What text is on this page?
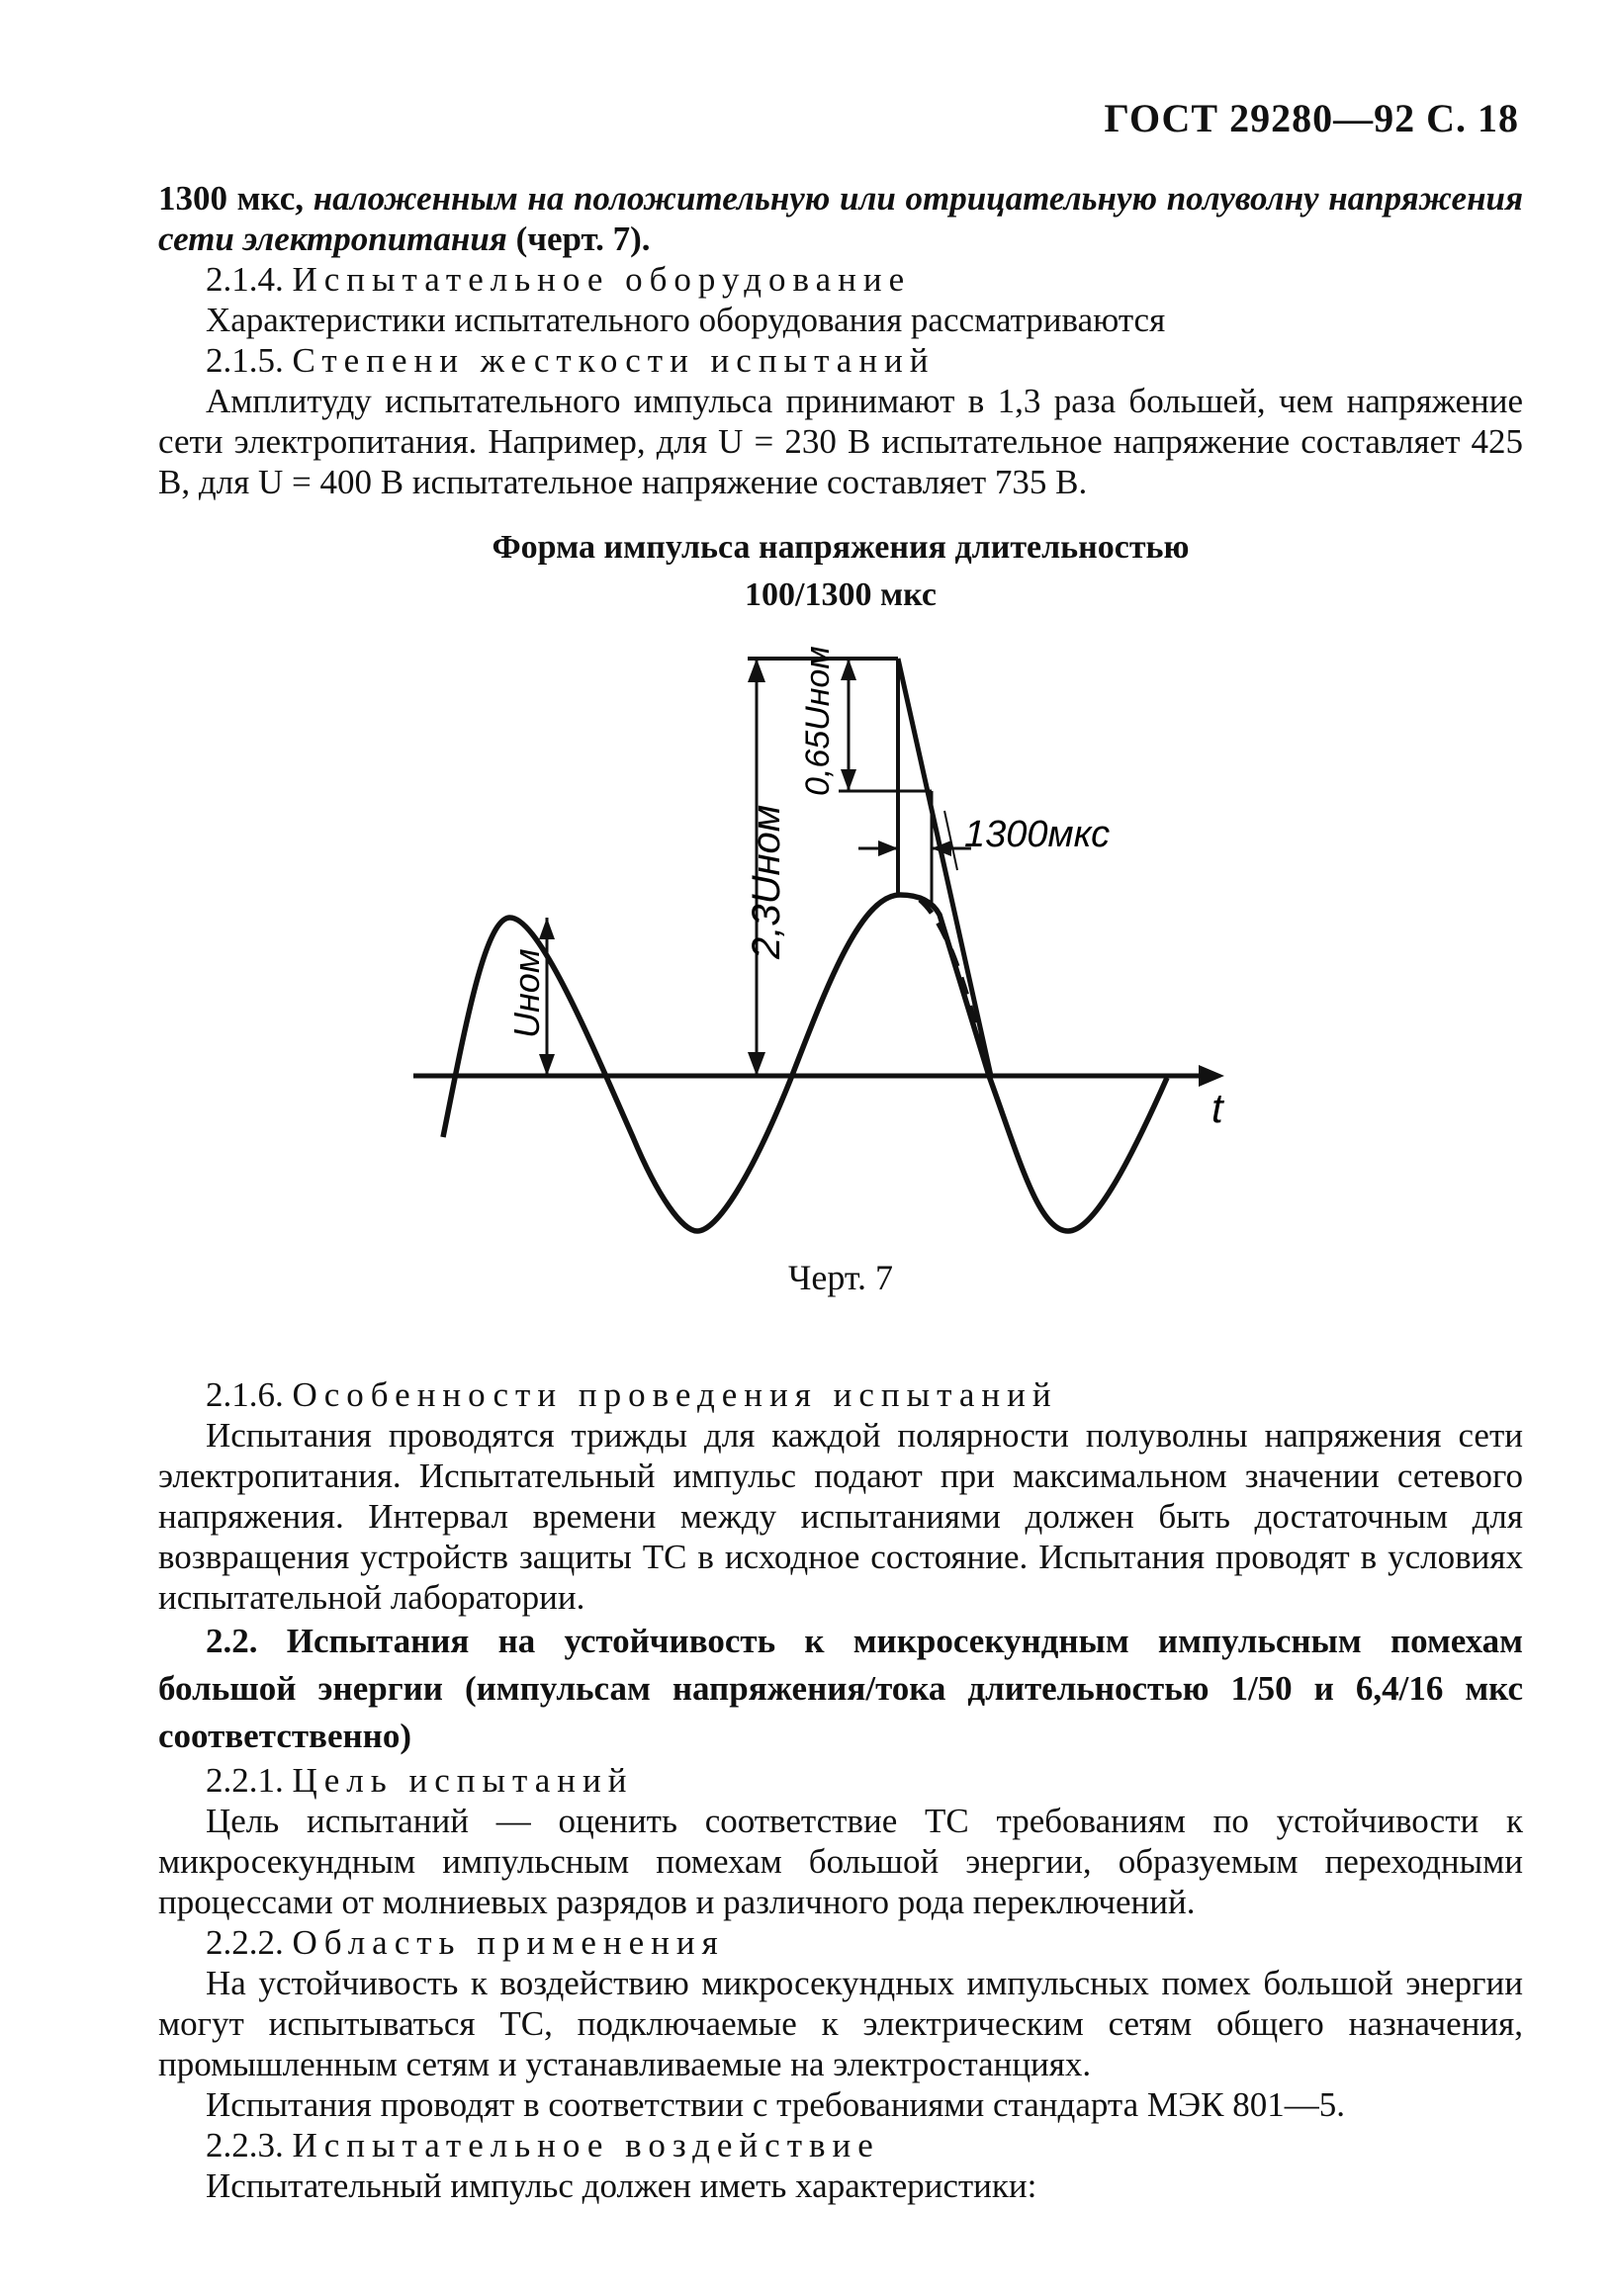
ГОСТ 29280—92 С. 18

1300 мкс, наложенным на положительную или отрицательную полуволну напряжения сети электропитания (черт. 7).

2.1.4. Испытательное оборудование

Характеристики испытательного оборудования рассматриваются

2.1.5. Степени жесткости испытаний

Амплитуду испытательного импульса принимают в 1,3 раза большей, чем напряжение сети электропитания. Например, для U = 230 В испытательное напряжение составляет 425 В, для U = 400 В испытательное напряжение составляет 735 В.

Форма импульса напряжения длительностью

100/1300 мкс

2,3Uном
0,65Uном
Uном
1300мкс
t
Черт. 7

2.1.6. Особенности проведения испытаний

Испытания проводятся трижды для каждой полярности полуволны напряжения сети электропитания. Испытательный импульс подают при максимальном значении сетевого напряжения. Интервал времени между испытаниями должен быть достаточным для возвращения устройств защиты ТС в исходное состояние. Испытания проводят в условиях испытательной лаборатории.

2.2. Испытания на устойчивость к микросекундным импульсным помехам большой энергии (импульсам напряжения/тока длительностью 1/50 и 6,4/16 мкс соответственно)

2.2.1. Цель испытаний

Цель испытаний — оценить соответствие ТС требованиям по устойчивости к микросекундным импульсным помехам большой энергии, образуемым переходными процессами от молниевых разрядов и различного рода переключений.

2.2.2. Область применения

На устойчивость к воздействию микросекундных импульсных помех большой энергии могут испытываться ТС, подключаемые к электрическим сетям общего назначения, промышленным сетям и устанавливаемые на электростанциях.

Испытания проводят в соответствии с требованиями стандарта МЭК 801—5.

2.2.3. Испытательное воздействие

Испытательный импульс должен иметь характеристики:
